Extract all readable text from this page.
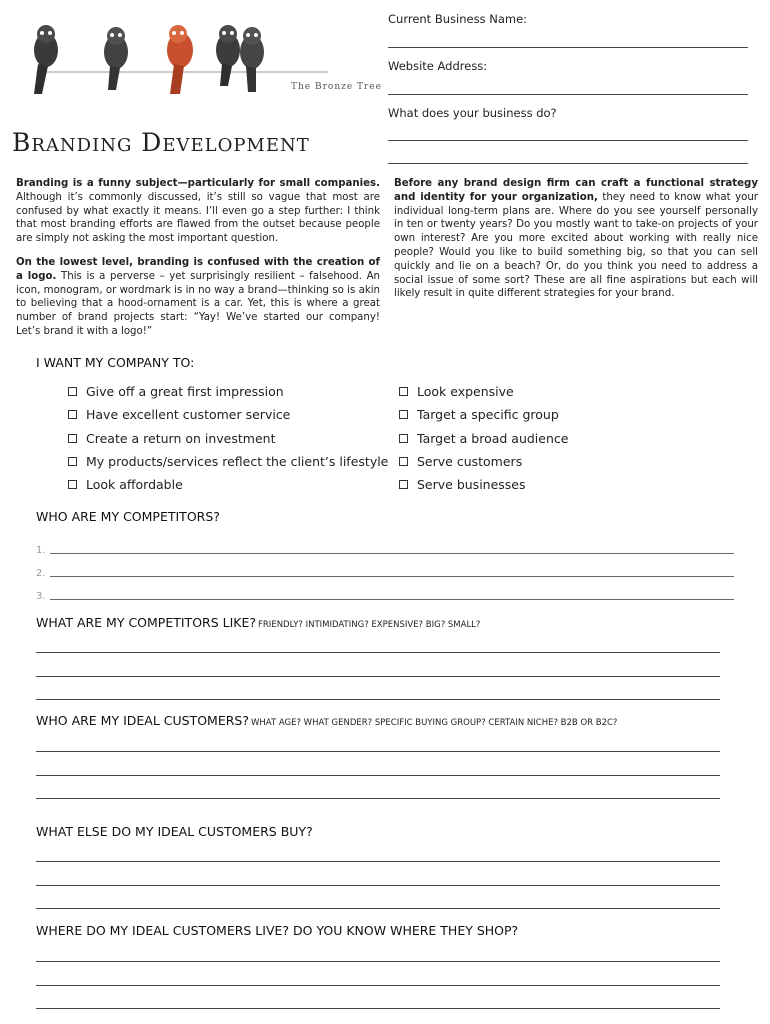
The Bronze Tree
Current Business Name:
Website Address:
What does your business do?
Branding Development

Branding is a funny subject—particularly for small companies. Although it’s commonly discussed, it’s still so vague that most are confused by what exactly it means. I’ll even go a step further: I think that most branding efforts are flawed from the outset because people are simply not asking the most important question.

On the lowest level, branding is confused with the creation of a logo. This is a perverse – yet surprisingly resilient – falsehood. An icon, monogram, or wordmark is in no way a brand—thinking so is akin to believing that a hood-ornament is a car. Yet, this is where a great number of brand projects start: “Yay! We’ve started our company! Let’s brand it with a logo!”

Before any brand design firm can craft a functional strategy and identity for your organization, they need to know what your individual long-term plans are. Where do you see yourself personally in ten or twenty years? Do you mostly want to take-on projects of your own interest? Are you more excited about working with really nice people? Would you like to build something big, so that you can sell quickly and lie on a beach? Or, do you think you need to address a social issue of some sort? These are all fine aspirations but each will likely result in quite different strategies for your brand.

I WANT MY COMPANY TO:
Give off a great first impression
Have excellent customer service
Create a return on investment
My products/services reflect the client’s lifestyle
Look affordable
Look expensive
Target a specific group
Target a broad audience
Serve customers
Serve businesses
WHO ARE MY COMPETITORS?
1.
2.
3.
WHAT ARE MY COMPETITORS LIKE? FRIENDLY? INTIMIDATING? EXPENSIVE? BIG? SMALL?
WHO ARE MY IDEAL CUSTOMERS? WHAT AGE? WHAT GENDER? SPECIFIC BUYING GROUP? CERTAIN NICHE? B2B OR B2C?
WHAT ELSE DO MY IDEAL CUSTOMERS BUY?
WHERE DO MY IDEAL CUSTOMERS LIVE? DO YOU KNOW WHERE THEY SHOP?
